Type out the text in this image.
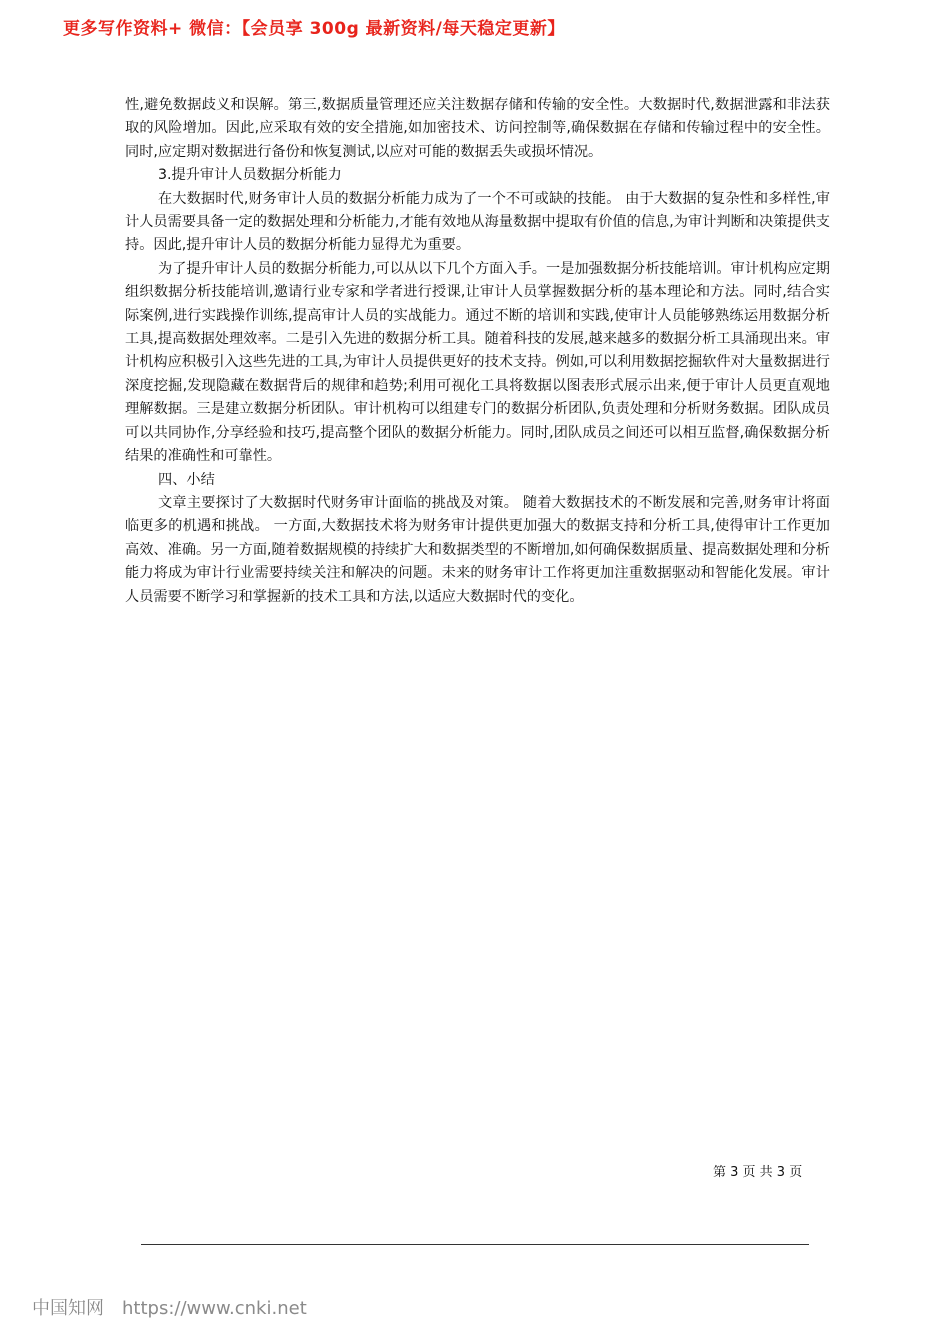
更多写作资料+ 微信：【会员享 300g 最新资料/每天稳定更新】

性,避免数据歧义和误解。第三,数据质量管理还应关注数据存储和传输的安全性。大数据时代,数据泄露和非法获取的风险增加。因此,应采取有效的安全措施,如加密技术、访问控制等,确保数据在存储和传输过程中的安全性。同时,应定期对数据进行备份和恢复测试,以应对可能的数据丢失或损坏情况。

3.提升审计人员数据分析能力

在大数据时代,财务审计人员的数据分析能力成为了一个不可或缺的技能。 由于大数据的复杂性和多样性,审计人员需要具备一定的数据处理和分析能力,才能有效地从海量数据中提取有价值的信息,为审计判断和决策提供支持。因此,提升审计人员的数据分析能力显得尤为重要。

为了提升审计人员的数据分析能力,可以从以下几个方面入手。一是加强数据分析技能培训。审计机构应定期组织数据分析技能培训,邀请行业专家和学者进行授课,让审计人员掌握数据分析的基本理论和方法。同时,结合实际案例,进行实践操作训练,提高审计人员的实战能力。通过不断的培训和实践,使审计人员能够熟练运用数据分析工具,提高数据处理效率。二是引入先进的数据分析工具。随着科技的发展,越来越多的数据分析工具涌现出来。审计机构应积极引入这些先进的工具,为审计人员提供更好的技术支持。例如,可以利用数据挖掘软件对大量数据进行深度挖掘,发现隐藏在数据背后的规律和趋势;利用可视化工具将数据以图表形式展示出来,便于审计人员更直观地理解数据。三是建立数据分析团队。审计机构可以组建专门的数据分析团队,负责处理和分析财务数据。团队成员可以共同协作,分享经验和技巧,提高整个团队的数据分析能力。同时,团队成员之间还可以相互监督,确保数据分析结果的准确性和可靠性。

四、小结

文章主要探讨了大数据时代财务审计面临的挑战及对策。 随着大数据技术的不断发展和完善,财务审计将面临更多的机遇和挑战。 一方面,大数据技术将为财务审计提供更加强大的数据支持和分析工具,使得审计工作更加高效、准确。另一方面,随着数据规模的持续扩大和数据类型的不断增加,如何确保数据质量、提高数据处理和分析能力将成为审计行业需要持续关注和解决的问题。未来的财务审计工作将更加注重数据驱动和智能化发展。审计人员需要不断学习和掌握新的技术工具和方法,以适应大数据时代的变化。

第 3 页 共 3 页
中国知网 https://www.cnki.net
